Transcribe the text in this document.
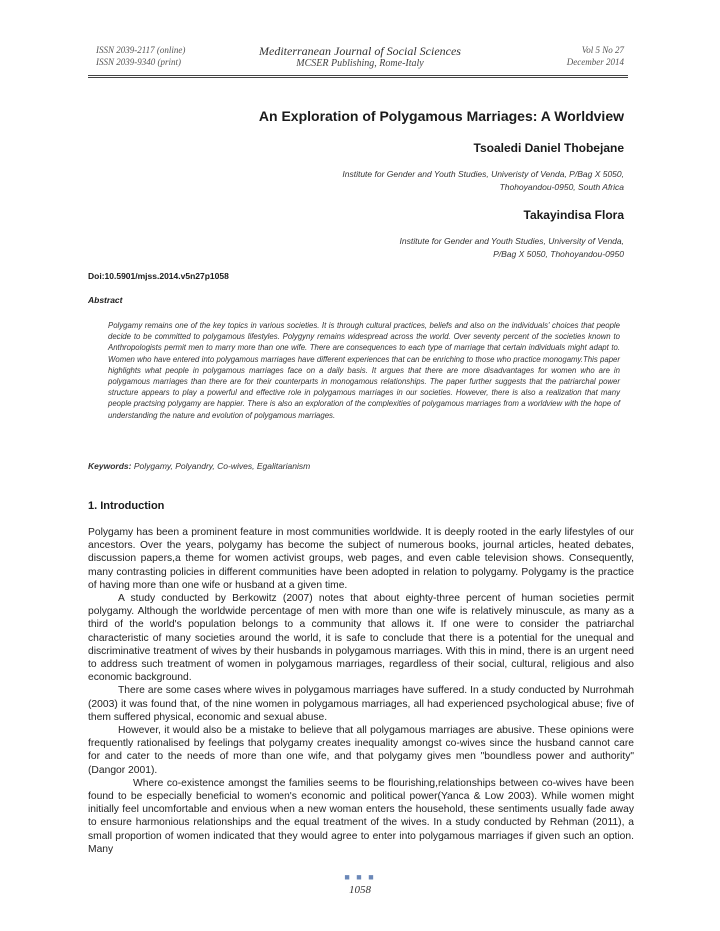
ISSN 2039-2117 (online)
ISSN 2039-9340 (print)
Mediterranean Journal of Social Sciences
MCSER Publishing, Rome-Italy
Vol 5 No 27
December 2014
An Exploration of Polygamous Marriages: A Worldview
Tsoaledi Daniel Thobejane
Institute for Gender and Youth Studies, Univeristy of Venda, P/Bag X 5050,
Thohoyandou-0950, South Africa
Takayindisa Flora
Institute for Gender and Youth Studies, University of Venda,
P/Bag X 5050, Thohoyandou-0950
Doi:10.5901/mjss.2014.v5n27p1058
Abstract

Polygamy remains one of the key topics in various societies. It is through cultural practices, beliefs and also on the individuals' choices that people decide to be committed to polygamous lifestyles. Polygyny remains widespread across the world. Over seventy percent of the societies known to Anthropologists permit men to marry more than one wife. There are consequences to each type of marriage that certain individuals might adapt to. Women who have entered into polygamous marriages have different experiences that can be enriching to those who practice monogamy.This paper highlights what people in polygamous marriages face on a daily basis. It argues that there are more disadvantages for women who are in polygamous marriages than there are for their counterparts in monogamous relationships. The paper further suggests that the patriarchal power structure appears to play a powerful and effective role in polygamous marriages in our societies. However, there is also a realization that many people practsing polygamy are happier. There is also an exploration of the complexities of polygamous marriages from a worldview with the hope of understanding the nature and evolution of polygamous marriages.

Keywords: Polygamy, Polyandry, Co-wives, Egalitarianism
1. Introduction

Polygamy has been a prominent feature in most communities worldwide. It is deeply rooted in the early lifestyles of our ancestors. Over the years, polygamy has become the subject of numerous books, journal articles, heated debates, discussion papers,a theme for women activist groups, web pages, and even cable television shows. Consequently, many contrasting policies in different communities have been adopted in relation to polygamy. Polygamy is the practice of having more than one wife or husband at a given time.

A study conducted by Berkowitz (2007) notes that about eighty-three percent of human societies permit polygamy. Although the worldwide percentage of men with more than one wife is relatively minuscule, as many as a third of the world's population belongs to a community that allows it. If one were to consider the patriarchal characteristic of many societies around the world, it is safe to conclude that there is a potential for the unequal and discriminative treatment of wives by their husbands in polygamous marriages. With this in mind, there is an urgent need to address such treatment of women in polygamous marriages, regardless of their social, cultural, religious and also economic background.

There are some cases where wives in polygamous marriages have suffered. In a study conducted by Nurrohmah (2003) it was found that, of the nine women in polygamous marriages, all had experienced psychological abuse; five of them suffered physical, economic and sexual abuse.

However, it would also be a mistake to believe that all polygamous marriages are abusive. These opinions were frequently rationalised by feelings that polygamy creates inequality amongst co-wives since the husband cannot care for and cater to the needs of more than one wife, and that polygamy gives men "boundless power and authority" (Dangor 2001).

Where co-existence amongst the families seems to be flourishing,relationships between co-wives have been found to be especially beneficial to women's economic and political power(Yanca & Low 2003). While women might initially feel uncomfortable and envious when a new woman enters the household, these sentiments usually fade away to ensure harmonious relationships and the equal treatment of the wives. In a study conducted by Rehman (2011), a small proportion of women indicated that they would agree to enter into polygamous marriages if given such an option. Many

■ ■ ■
1058
